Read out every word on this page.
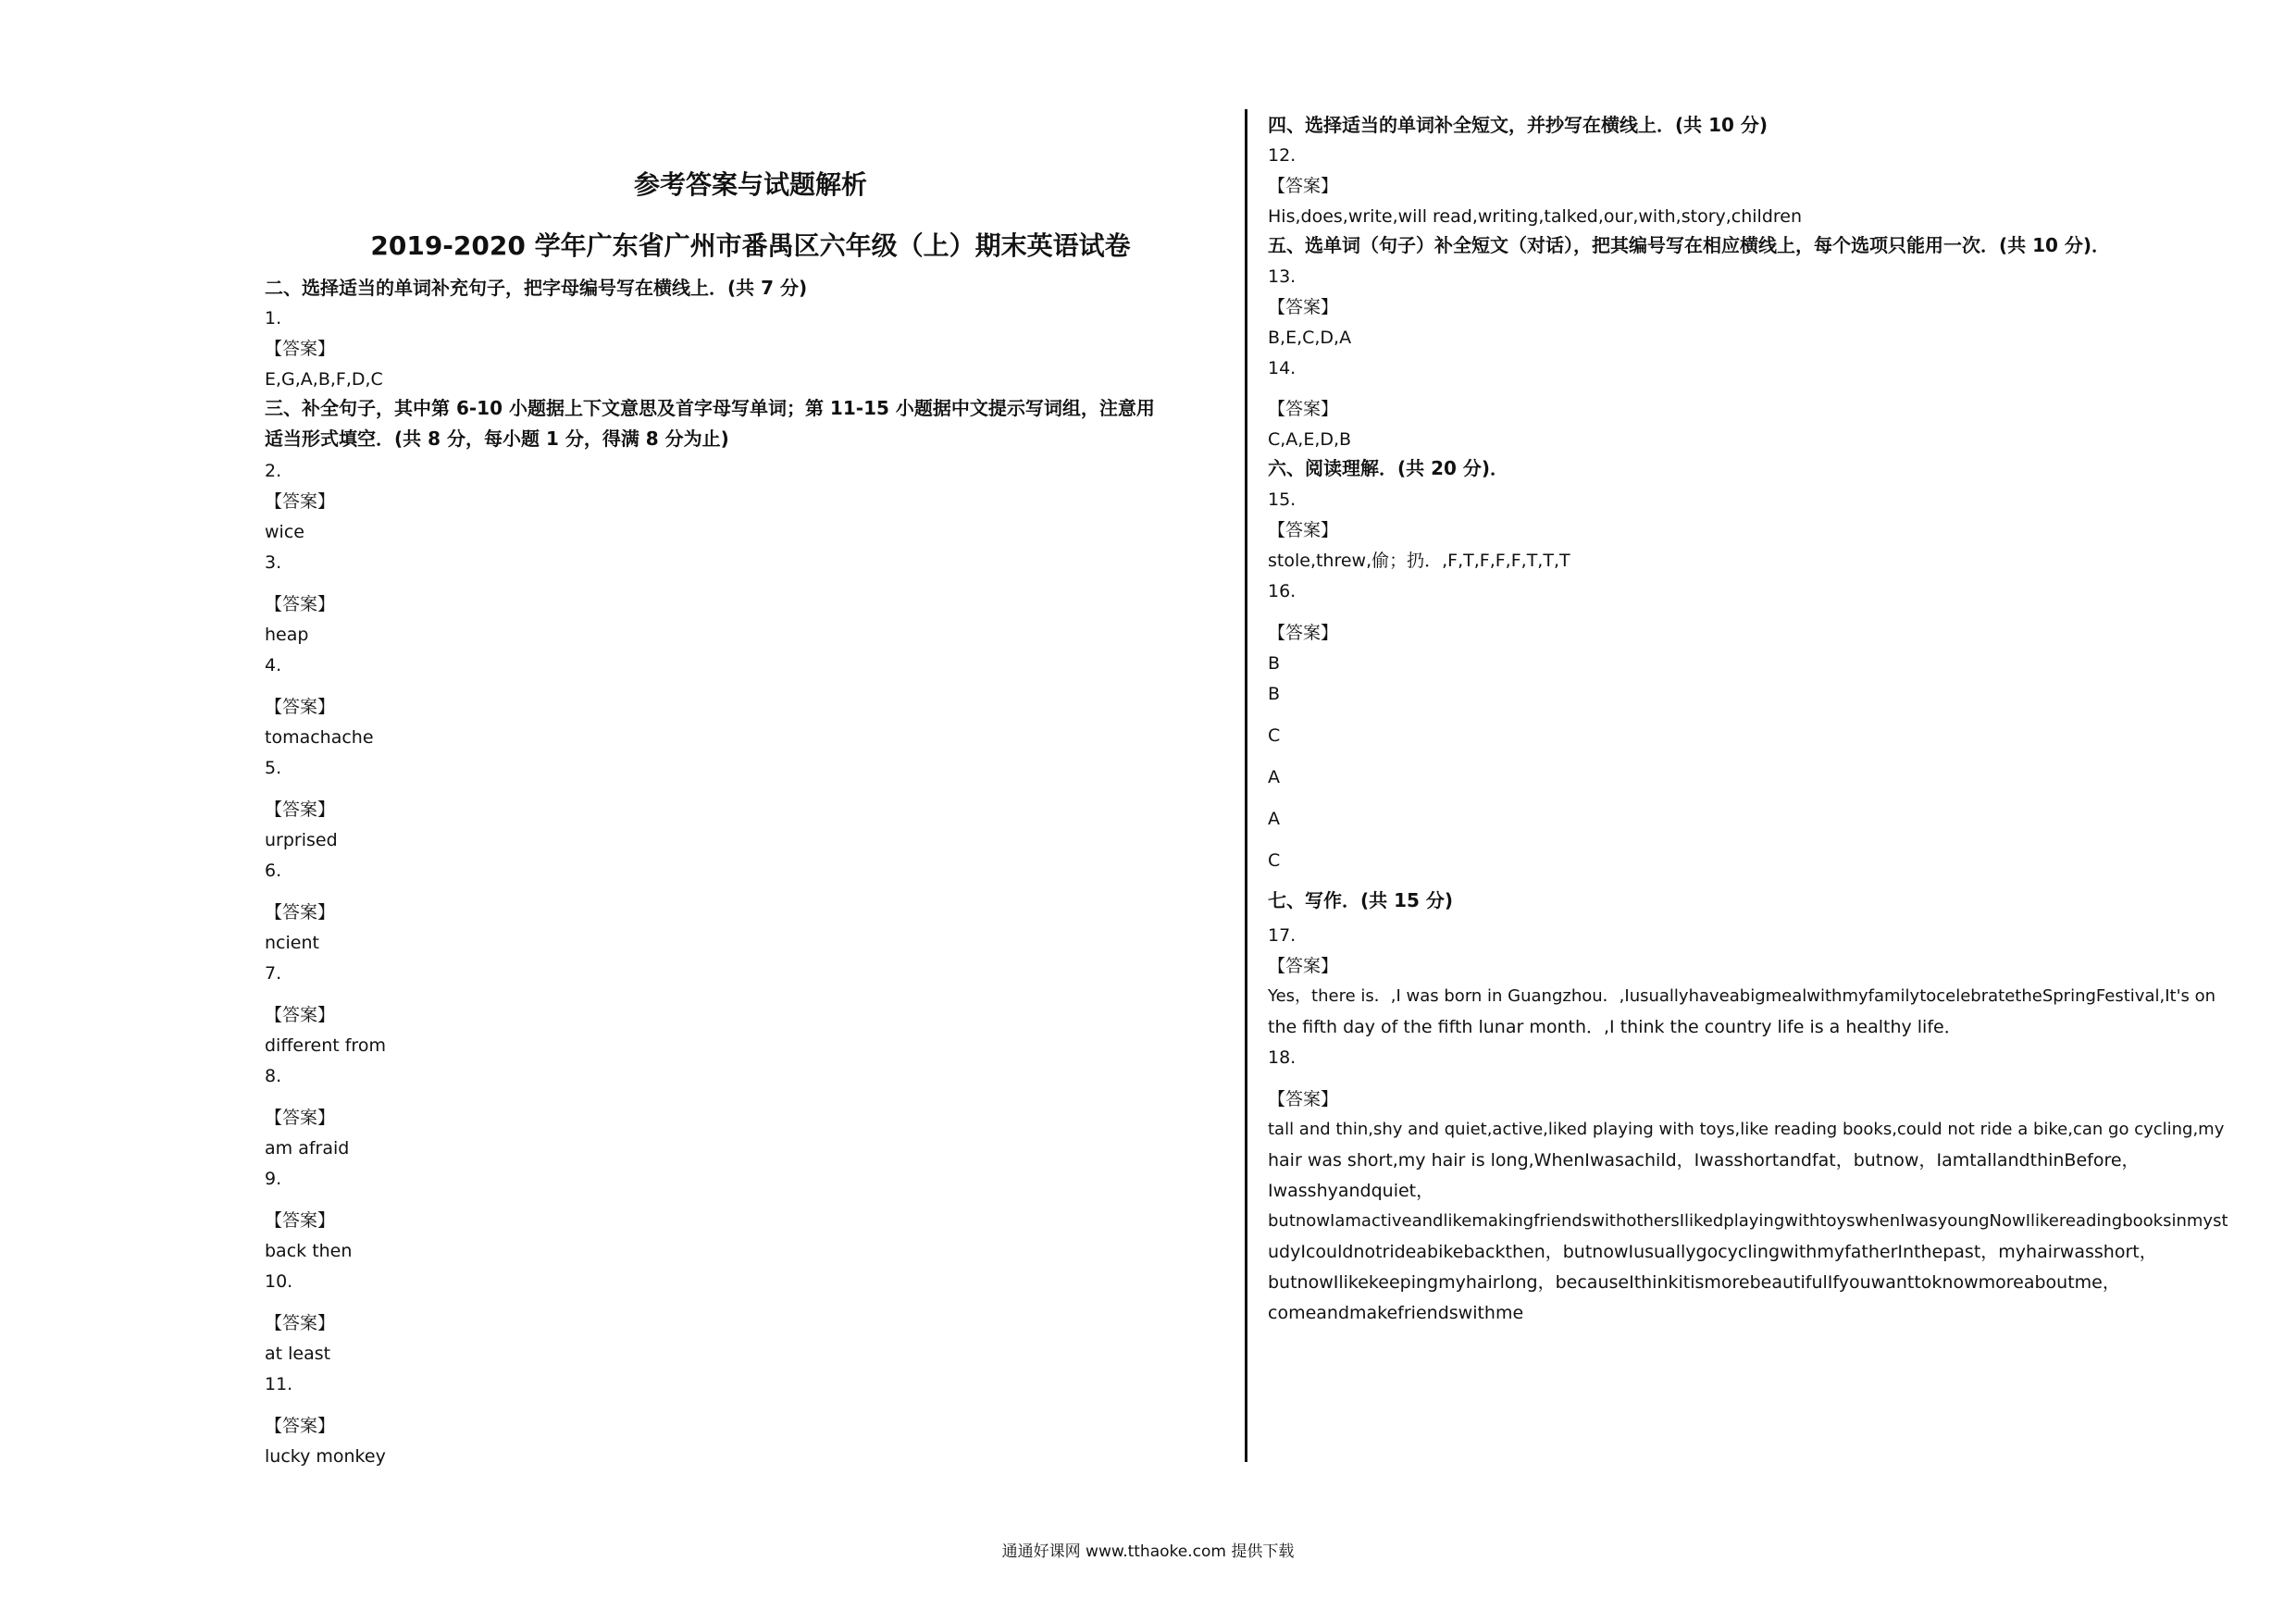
参考答案与试题解析
2019-2020 学年广东省广州市番禺区六年级（上）期末英语试卷
二、选择适当的单词补充句子，把字母编号写在横线上．(共 7 分)
1.
【答案】
E,G,A,B,F,D,C
三、补全句子，其中第 6-10 小题据上下文意思及首字母写单词；第 11-15 小题据中文提示写词组，注意用
适当形式填空．(共 8 分，每小题 1 分，得满 8 分为止)
2.
【答案】
wice
3.
【答案】
heap
4.
【答案】
tomachache
5.
【答案】
urprised
6.
【答案】
ncient
7.
【答案】
different from
8.
【答案】
am afraid
9.
【答案】
back then
10.
【答案】
at least
11.
【答案】
lucky monkey
四、选择适当的单词补全短文，并抄写在横线上．(共 10 分)
12.
【答案】
His,does,write,will read,writing,talked,our,with,story,children
五、选单词（句子）补全短文（对话），把其编号写在相应横线上，每个选项只能用一次．(共 10 分)．
13.
【答案】
B,E,C,D,A
14.
【答案】
C,A,E,D,B
六、阅读理解．(共 20 分)．
15.
【答案】
stole,threw,偷；扔．,F,T,F,F,F,T,T,T
16.
【答案】
B
B
C
A
A
C
七、写作．(共 15 分)
17.
【答案】
Yes，there is．,I was born in Guangzhou．,IusuallyhaveabigmealwithmyfamilytocelebratetheSpringFestival,It's on
the fifth day of the fifth lunar month．,I think the country life is a healthy life．
18.
【答案】
tall and thin,shy and quiet,active,liked playing with toys,like reading books,could not ride a bike,can go cycling,my
hair was short,my hair is long,WhenIwasachild，Iwasshortandfat，butnow，IamtallandthinBefore，
Iwasshyandquiet，
butnowIamactiveandlikemakingfriendswithothersIlikedplayingwithtoyswhenIwasyoungNowIlikereadingbooksinmyst
udyIcouldnotrideabikebackthen，butnowIusuallygocyclingwithmyfatherInthepast，myhairwasshort，
butnowIlikekeepingmyhairlong，becauseIthinkitismorebeautifulIfyouwanttoknowmoreaboutme，
comeandmakefriendswithme
通通好课网 www.tthaoke.com 提供下载
